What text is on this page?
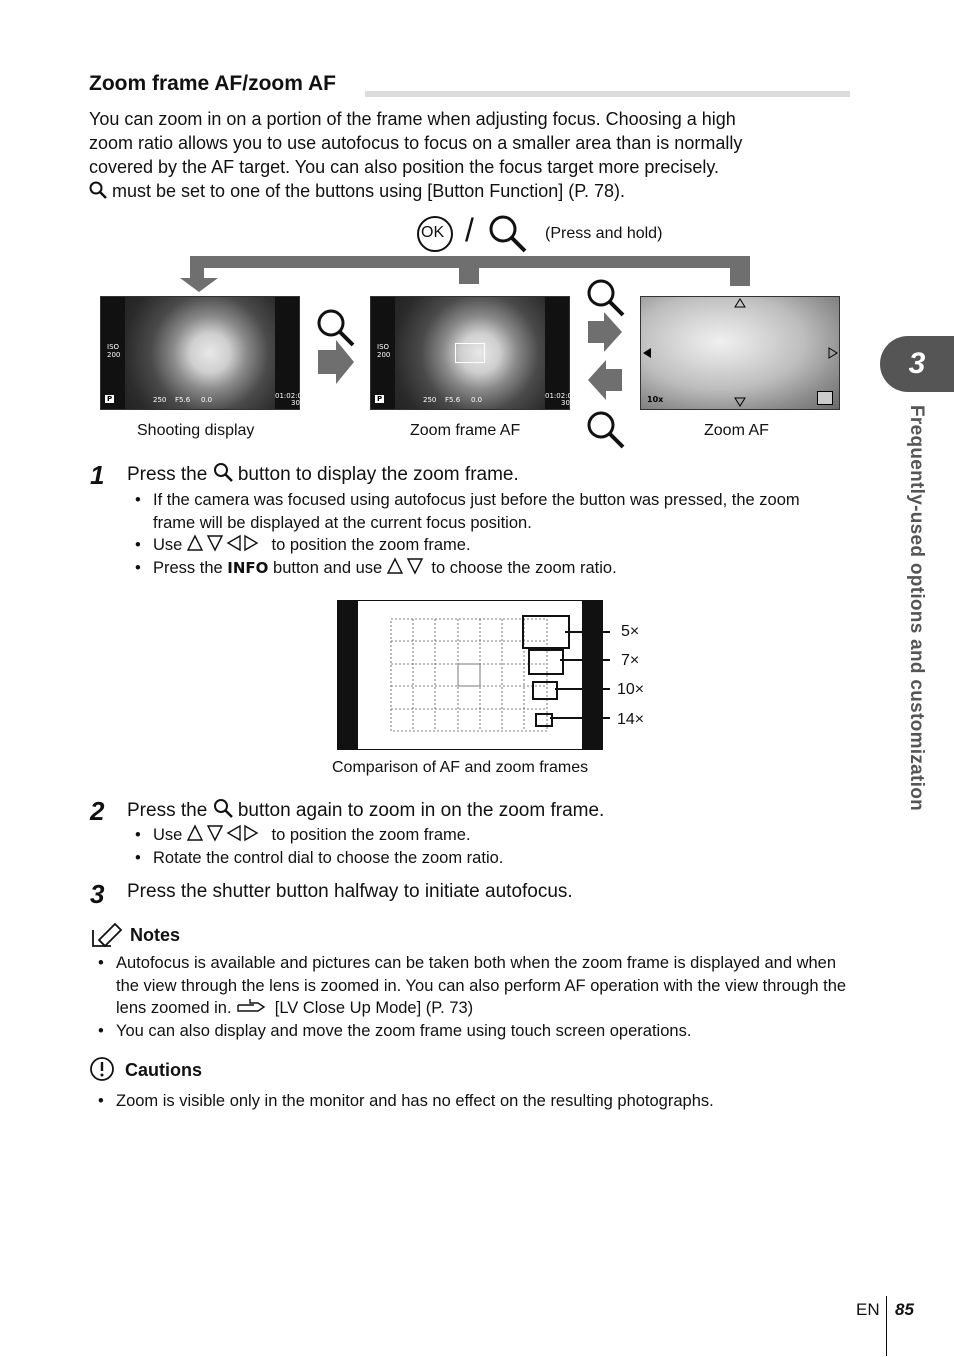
Zoom frame AF/zoom AF
You can zoom in on a portion of the frame when adjusting focus. Choosing a high
zoom ratio allows you to use autofocus to focus on a smaller area than is normally
covered by the AF target. You can also position the focus target more precisely.
must be set to one of the buttons using [Button Function] (P. 78).
OK /	(Press and hold)
ISO
200
P	250 F5.6 0.0	01:02:03
30
ISO
200
P	250 F5.6 0.0	01:02:03
30	10x
Shooting display	Zoom frame AF	Zoom AF
1 Press the button to display the zoom frame.
• If the camera was focused using autofocus just before the button was pressed, the zoom frame will be displayed at the current focus position.
• Use	to position the zoom frame.
• Press the INFO button and use	to choose the zoom ratio.
5×
7×
10×
14×
Comparison of AF and zoom frames
2 Press the button again to zoom in on the zoom frame.
• Use	to position the zoom frame.
• Rotate the control dial to choose the zoom ratio.
3 Press the shutter button halfway to initiate autofocus.
Notes
• Autofocus is available and pictures can be taken both when the zoom frame is displayed and when the view through the lens is zoomed in. You can also perform AF operation with the view through the lens zoomed in.	[LV Close Up Mode] (P. 73)
• You can also display and move the zoom frame using touch screen operations.
Cautions
• Zoom is visible only in the monitor and has no effect on the resulting photographs.
3
Frequently-used options and customization
EN 85
